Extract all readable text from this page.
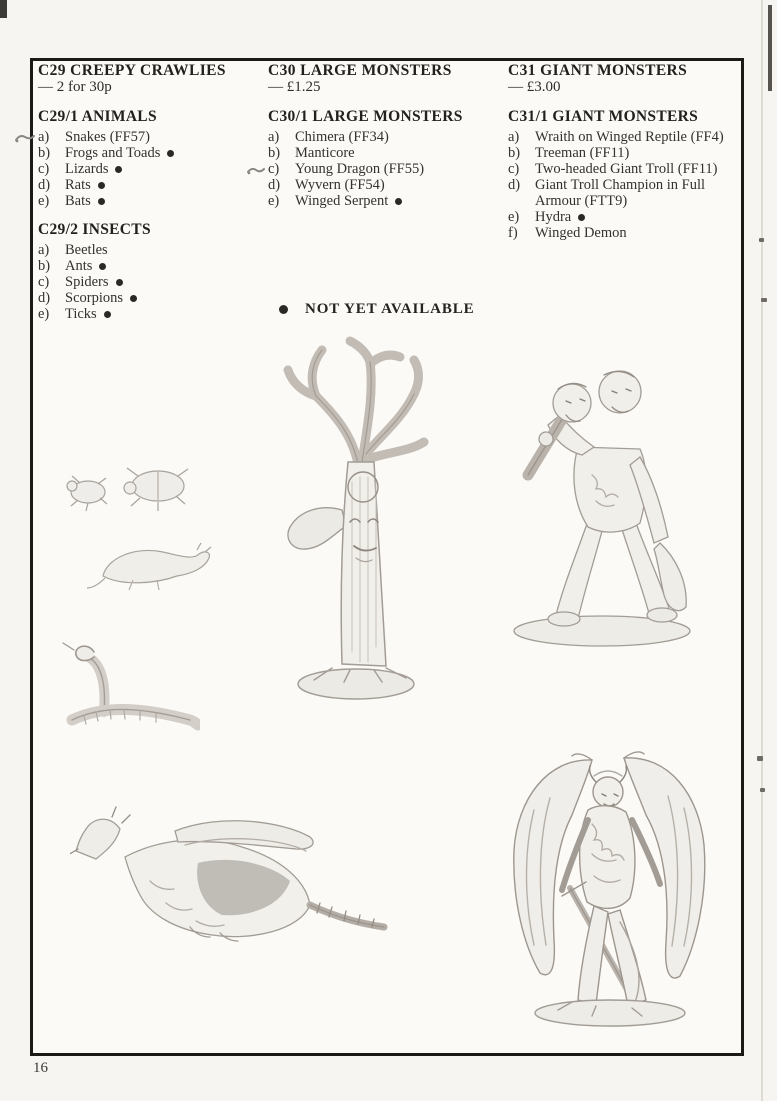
C29 CREEPY CRAWLIES
— 2 for 30p
C29/1 ANIMALS
a) Snakes (FF57)
b) Frogs and Toads
c) Lizards
d) Rats
e) Bats
C29/2 INSECTS
a) Beetles
b) Ants
c) Spiders
d) Scorpions
e) Ticks
C30 LARGE MONSTERS
— £1.25
C30/1 LARGE MONSTERS
a) Chimera (FF34)
b) Manticore
c) Young Dragon (FF55)
d) Wyvern (FF54)
e) Winged Serpent
C31 GIANT MONSTERS
— £3.00
C31/1 GIANT MONSTERS
a) Wraith on Winged Reptile (FF4)
b) Treeman (FF11)
c) Two-headed Giant Troll (FF11)
d) Giant Troll Champion in Full Armour (FTT9)
e) Hydra
f) Winged Demon
NOT YET AVAILABLE
16
